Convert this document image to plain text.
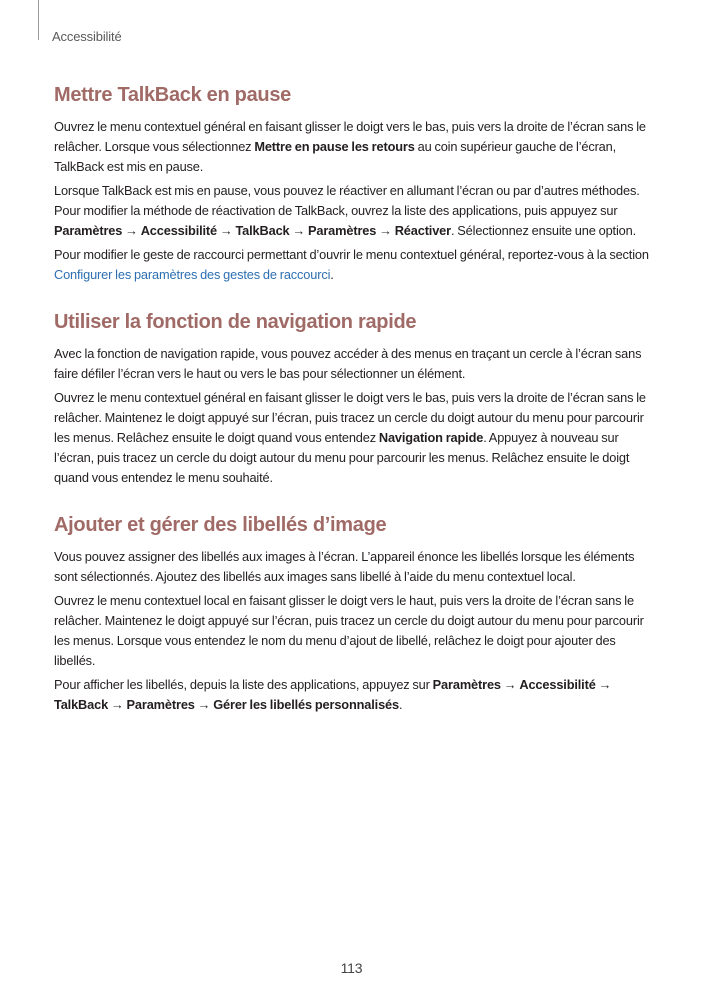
Accessibilité

Mettre TalkBack en pause

Ouvrez le menu contextuel général en faisant glisser le doigt vers le bas, puis vers la droite de l’écran sans le relâcher. Lorsque vous sélectionnez Mettre en pause les retours au coin supérieur gauche de l’écran, TalkBack est mis en pause.

Lorsque TalkBack est mis en pause, vous pouvez le réactiver en allumant l’écran ou par d’autres méthodes. Pour modifier la méthode de réactivation de TalkBack, ouvrez la liste des applications, puis appuyez sur Paramètres → Accessibilité → TalkBack → Paramètres → Réactiver. Sélectionnez ensuite une option.

Pour modifier le geste de raccourci permettant d’ouvrir le menu contextuel général, reportez-vous à la section Configurer les paramètres des gestes de raccourci.

Utiliser la fonction de navigation rapide

Avec la fonction de navigation rapide, vous pouvez accéder à des menus en traçant un cercle à l’écran sans faire défiler l’écran vers le haut ou vers le bas pour sélectionner un élément.

Ouvrez le menu contextuel général en faisant glisser le doigt vers le bas, puis vers la droite de l’écran sans le relâcher. Maintenez le doigt appuyé sur l’écran, puis tracez un cercle du doigt autour du menu pour parcourir les menus. Relâchez ensuite le doigt quand vous entendez Navigation rapide. Appuyez à nouveau sur l’écran, puis tracez un cercle du doigt autour du menu pour parcourir les menus. Relâchez ensuite le doigt quand vous entendez le menu souhaité.

Ajouter et gérer des libellés d’image

Vous pouvez assigner des libellés aux images à l’écran. L’appareil énonce les libellés lorsque les éléments sont sélectionnés. Ajoutez des libellés aux images sans libellé à l’aide du menu contextuel local.

Ouvrez le menu contextuel local en faisant glisser le doigt vers le haut, puis vers la droite de l’écran sans le relâcher. Maintenez le doigt appuyé sur l’écran, puis tracez un cercle du doigt autour du menu pour parcourir les menus. Lorsque vous entendez le nom du menu d’ajout de libellé, relâchez le doigt pour ajouter des libellés.

Pour afficher les libellés, depuis la liste des applications, appuyez sur Paramètres → Accessibilité → TalkBack → Paramètres → Gérer les libellés personnalisés.

113
